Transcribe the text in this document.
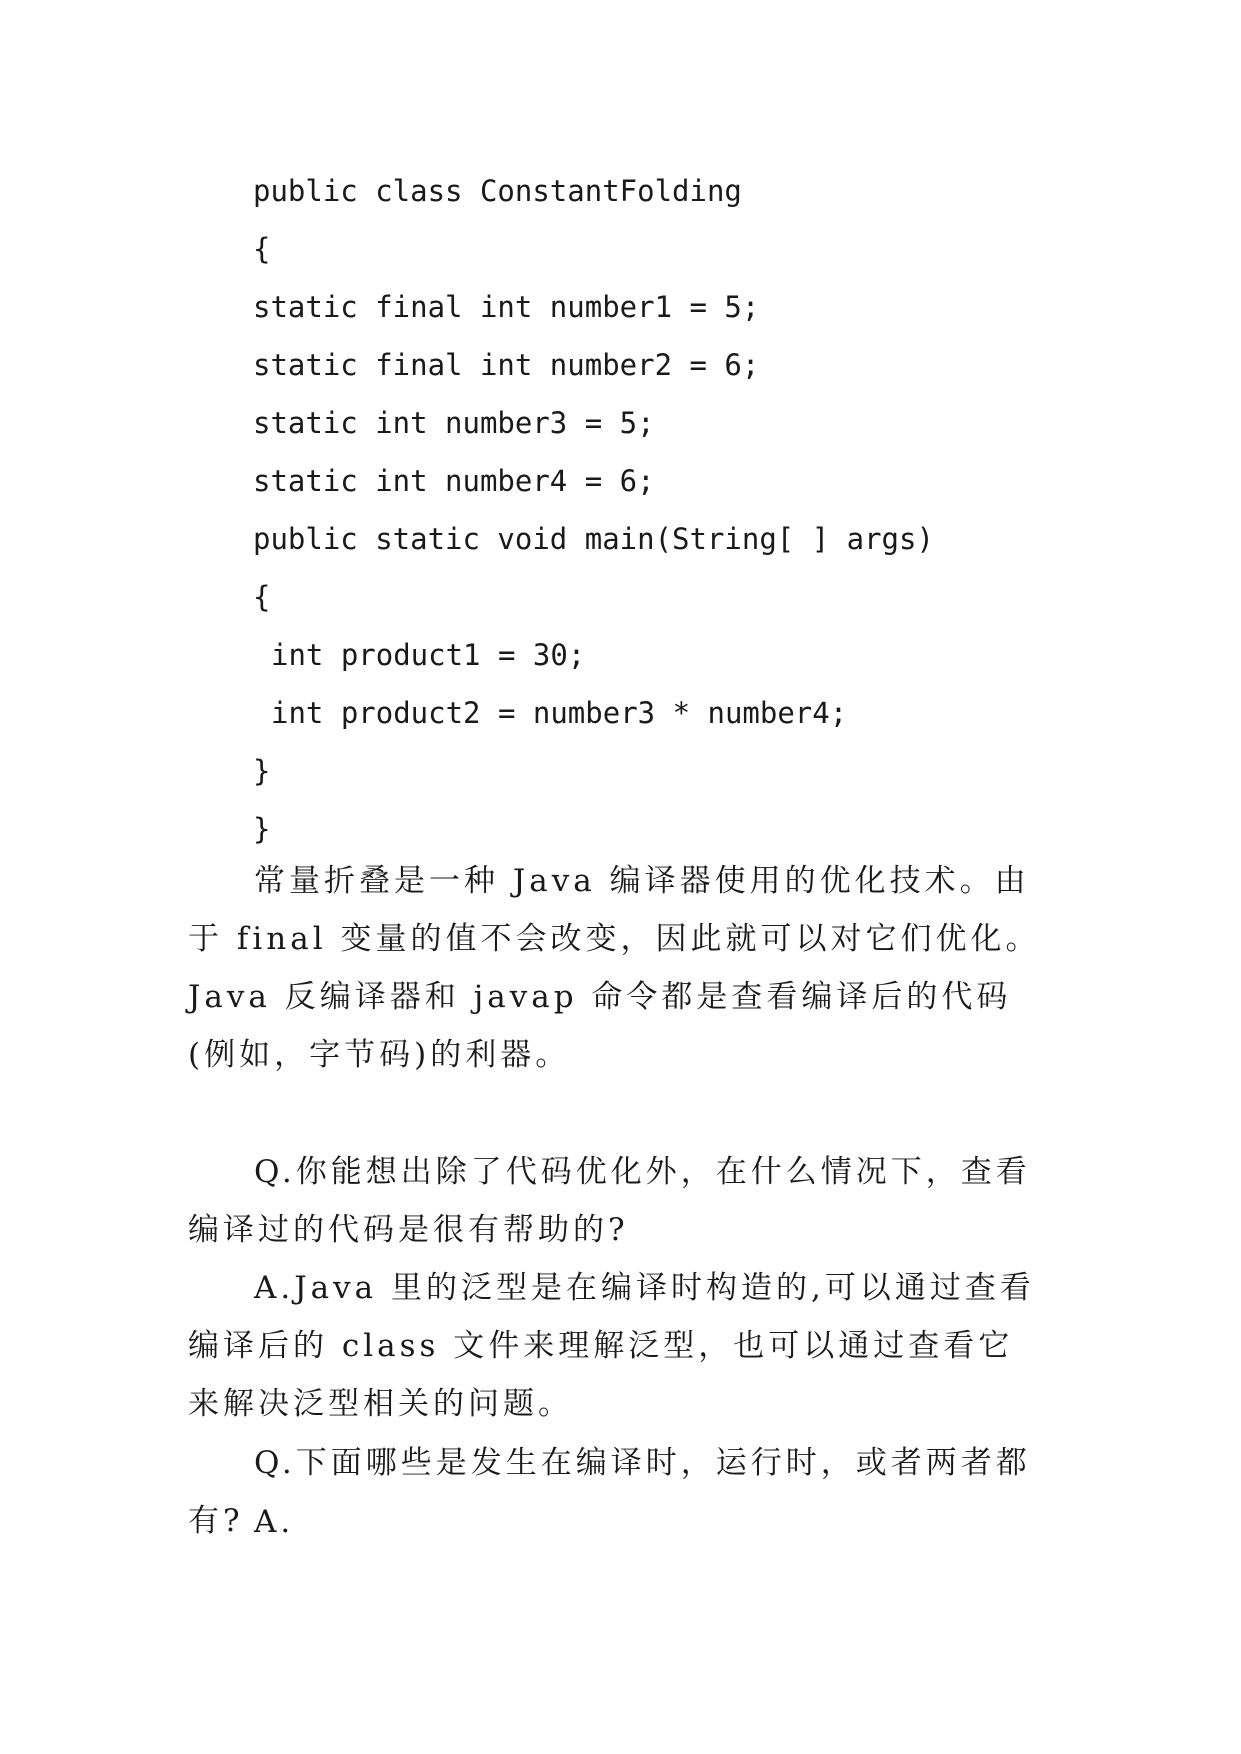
public class ConstantFolding
{
static final int number1 = 5;
static final int number2 = 6;
static int number3 = 5;
static int number4 = 6;
public static void main(String[ ] args)
{
int product1 = 30;
int product2 = number3 * number4;
}
}

常量折叠是一种 Java 编译器使用的优化技术。由于 final 变量的值不会改变，因此就可以对它们优化。Java 反编译器和 javap 命令都是查看编译后的代码(例如，字节码)的利器。

Q.你能想出除了代码优化外，在什么情况下，查看编译过的代码是很有帮助的?

A.Java 里的泛型是在编译时构造的,可以通过查看编译后的 class 文件来理解泛型，也可以通过查看它来解决泛型相关的问题。

Q.下面哪些是发生在编译时，运行时，或者两者都有? A.
